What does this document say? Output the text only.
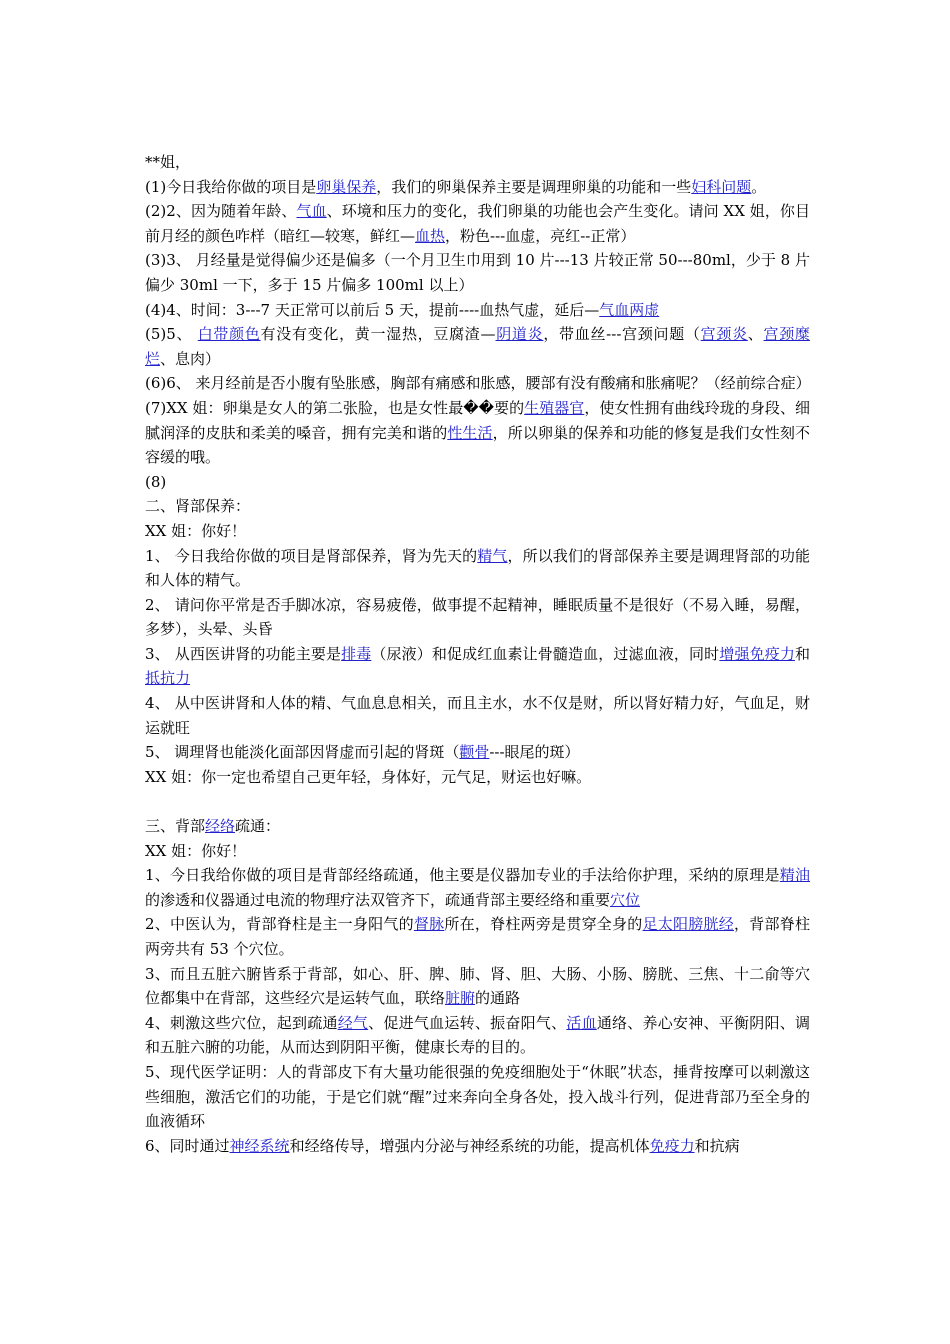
**姐，

(1)今日我给你做的项目是卵巢保养，我们的卵巢保养主要是调理卵巢的功能和一些妇科问题。

(2)2、因为随着年龄、气血、环境和压力的变化，我们卵巢的功能也会产生变化。请问 XX 姐，你目前月经的颜色咋样（暗红—较寒，鲜红—血热，粉色---血虚，亮红--正常）

(3)3、 月经量是觉得偏少还是偏多（一个月卫生巾用到 10 片---13 片较正常 50---80ml，少于 8 片偏少 30ml 一下，多于 15 片偏多 100ml 以上）

(4)4、时间：3---7 天正常可以前后 5 天，提前----血热气虚，延后—气血两虚

(5)5、 白带颜色有没有变化，黄一湿热，豆腐渣—阴道炎，带血丝---宫颈问题（宫颈炎、宫颈糜烂、息肉）

(6)6、 来月经前是否小腹有坠胀感，胸部有痛感和胀感，腰部有没有酸痛和胀痛呢？（经前综合症）

(7)XX 姐：卵巢是女人的第二张脸，也是女性最��要的生殖器官，使女性拥有曲线玲珑的身段、细腻润泽的皮肤和柔美的嗓音，拥有完美和谐的性生活，所以卵巢的保养和功能的修复是我们女性刻不容缓的哦。

(8)

二、肾部保养：

XX 姐：你好！

1、 今日我给你做的项目是肾部保养，肾为先天的精气，所以我们的肾部保养主要是调理肾部的功能和人体的精气。

2、 请问你平常是否手脚冰凉，容易疲倦，做事提不起精神，睡眠质量不是很好（不易入睡，易醒，多梦），头晕、头昏

3、 从西医讲肾的功能主要是排毒（尿液）和促成红血素让骨髓造血，过滤血液，同时增强免疫力和抵抗力

4、 从中医讲肾和人体的精、气血息息相关，而且主水，水不仅是财，所以肾好精力好，气血足，财运就旺

5、 调理肾也能淡化面部因肾虚而引起的肾斑（颧骨---眼尾的斑）

XX 姐：你一定也希望自己更年轻，身体好，元气足，财运也好嘛。

三、背部经络疏通：

XX 姐：你好！

1、今日我给你做的项目是背部经络疏通，他主要是仪器加专业的手法给你护理，采纳的原理是精油的渗透和仪器通过电流的物理疗法双管齐下，疏通背部主要经络和重要穴位

2、中医认为，背部脊柱是主一身阳气的督脉所在，脊柱两旁是贯穿全身的足太阳膀胱经，背部脊柱两旁共有 53 个穴位。

3、而且五脏六腑皆系于背部，如心、肝、脾、肺、肾、胆、大肠、小肠、膀胱、三焦、十二俞等穴位都集中在背部，这些经穴是运转气血，联络脏腑的通路

4、刺激这些穴位，起到疏通经气、促进气血运转、振奋阳气、活血通络、养心安神、平衡阴阳、调和五脏六腑的功能，从而达到阴阳平衡，健康长寿的目的。

5、现代医学证明：人的背部皮下有大量功能很强的免疫细胞处于“休眠”状态，捶背按摩可以刺激这些细胞，激活它们的功能，于是它们就“醒”过来奔向全身各处，投入战斗行列，促进背部乃至全身的血液循环

6、同时通过神经系统和经络传导，增强内分泌与神经系统的功能，提高机体免疫力和抗病
